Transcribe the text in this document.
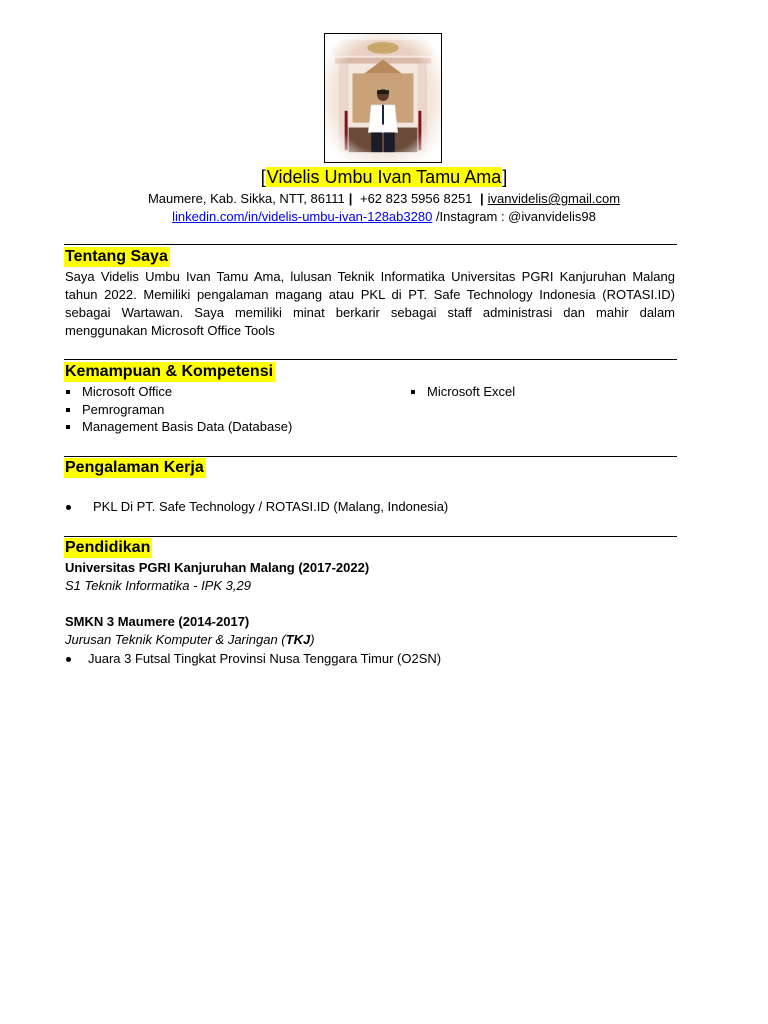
[Videlis Umbu Ivan Tamu Ama]
Maumere, Kab. Sikka, NTT, 86111 | +62 823 5956 8251 | ivanvidelis@gmail.com
linkedin.com/in/videlis-umbu-ivan-128ab3280 /Instagram : @ivanvidelis98
Tentang Saya

Saya Videlis Umbu Ivan Tamu Ama, lulusan Teknik Informatika Universitas PGRI Kanjuruhan Malang tahun 2022. Memiliki pengalaman magang atau PKL di PT. Safe Technology Indonesia (ROTASI.ID) sebagai Wartawan. Saya memiliki minat berkarir sebagai staff administrasi dan mahir dalam menggunakan Microsoft Office Tools

Kemampuan & Kompetensi
Microsoft Office
Pemrograman
Management Basis Data (Database)
Microsoft Excel
Pengalaman Kerja
PKL Di PT. Safe Technology / ROTASI.ID (Malang, Indonesia)
Pendidikan
Universitas PGRI Kanjuruhan Malang (2017-2022)
S1 Teknik Informatika - IPK 3,29
SMKN 3 Maumere (2014-2017)
Jurusan Teknik Komputer & Jaringan (TKJ)
Juara 3 Futsal Tingkat Provinsi Nusa Tenggara Timur (O2SN)
